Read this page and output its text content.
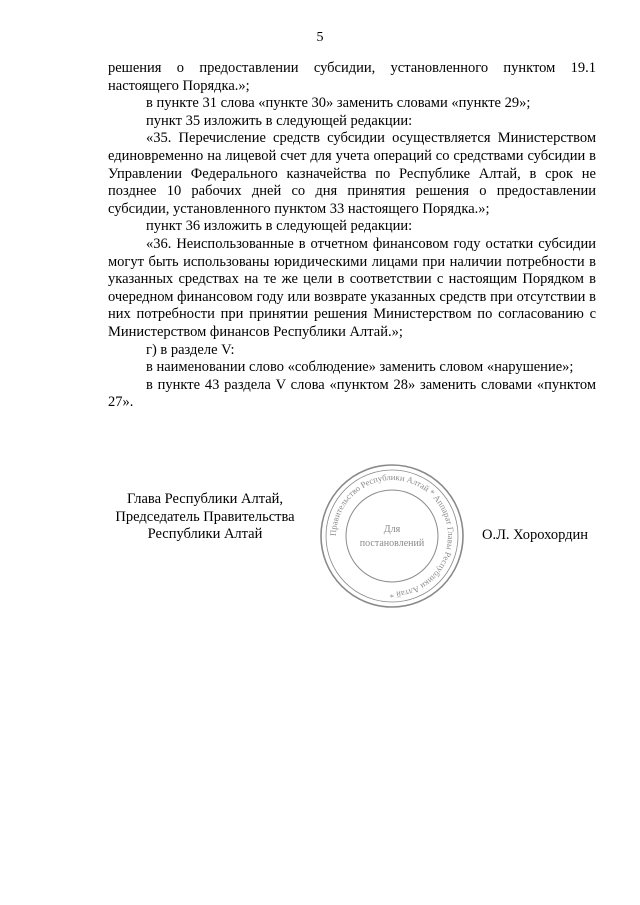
5

решения о предоставлении субсидии, установленного пунктом 19.1 настоящего Порядка.»;

в пункте 31 слова «пункте 30» заменить словами «пункте 29»;

пункт 35 изложить в следующей редакции:

«35. Перечисление средств субсидии осуществляется Министерством единовременно на лицевой счет для учета операций со средствами субсидии в Управлении Федерального казначейства по Республике Алтай, в срок не позднее 10 рабочих дней со дня принятия решения о предоставлении субсидии, установленного пунктом 33 настоящего Порядка.»;

пункт 36 изложить в следующей редакции:

«36. Неиспользованные в отчетном финансовом году остатки субсидии могут быть использованы юридическими лицами при наличии потребности в указанных средствах на те же цели в соответствии с настоящим Порядком в очередном финансовом году или возврате указанных средств при отсутствии в них потребности при принятии решения Министерством по согласованию с Министерством финансов Республики Алтай.»;

г) в разделе V:

в наименовании слово «соблюдение» заменить словом «нарушение»;

в пункте 43 раздела V слова «пунктом 28» заменить словами «пунктом 27».

Глава Республики Алтай,
Председатель Правительства
Республики Алтай	Правительство Республики Алтай * Аппарат Главы Республики Алтай *
Для
постановлений
О.Л. Хорохордин
